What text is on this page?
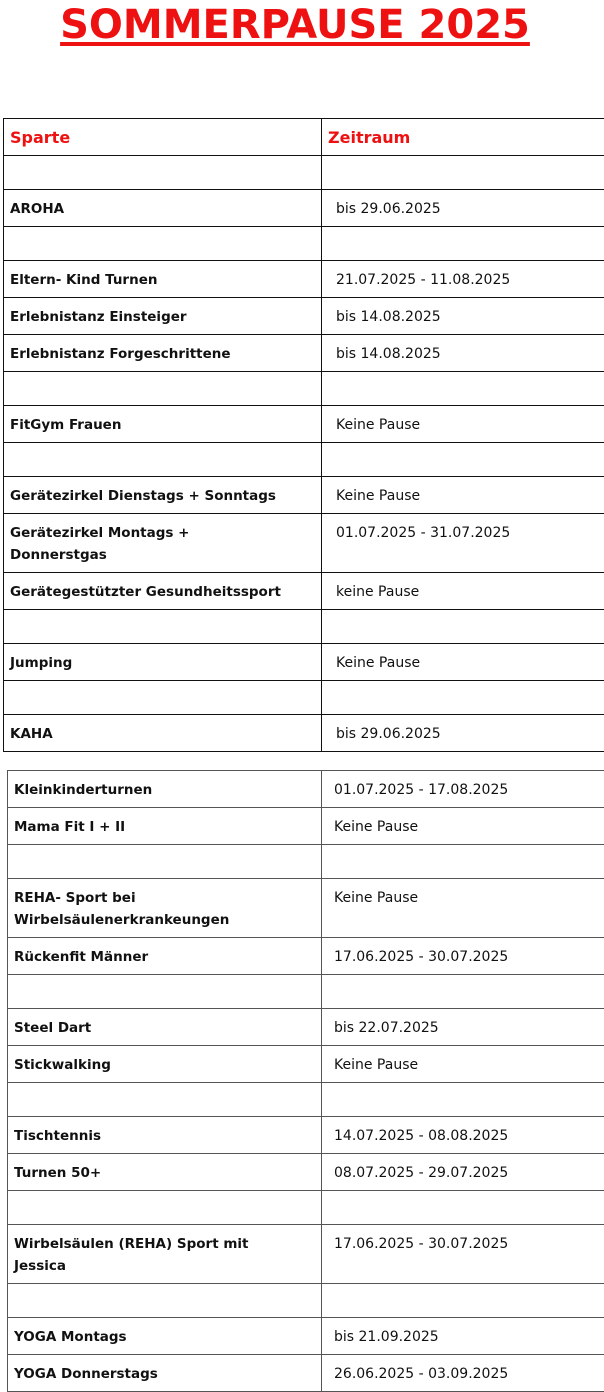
SOMMERPAUSE 2025
Sparte	Zeitraum

AROHA	bis 29.06.2025

Eltern- Kind Turnen	21.07.2025 - 11.08.2025
Erlebnistanz Einsteiger	bis 14.08.2025
Erlebnistanz Forgeschrittene	bis 14.08.2025

FitGym Frauen	Keine Pause

Gerätezirkel Dienstags + Sonntags	Keine Pause
Gerätezirkel Montags + Donnerstgas	01.07.2025 - 31.07.2025
Gerätegestützter Gesundheitssport	keine Pause

Jumping	Keine Pause

KAHA	bis 29.06.2025
Kleinkinderturnen	01.07.2025 - 17.08.2025
Mama Fit I + II	Keine Pause

REHA- Sport bei Wirbelsäulenerkrankeungen	Keine Pause
Rückenfit Männer	17.06.2025 - 30.07.2025

Steel Dart	bis 22.07.2025
Stickwalking	Keine Pause

Tischtennis	14.07.2025 - 08.08.2025
Turnen 50+	08.07.2025 - 29.07.2025

Wirbelsäulen (REHA) Sport mit Jessica	17.06.2025 - 30.07.2025

YOGA Montags	bis 21.09.2025
YOGA Donnerstags	26.06.2025 - 03.09.2025
